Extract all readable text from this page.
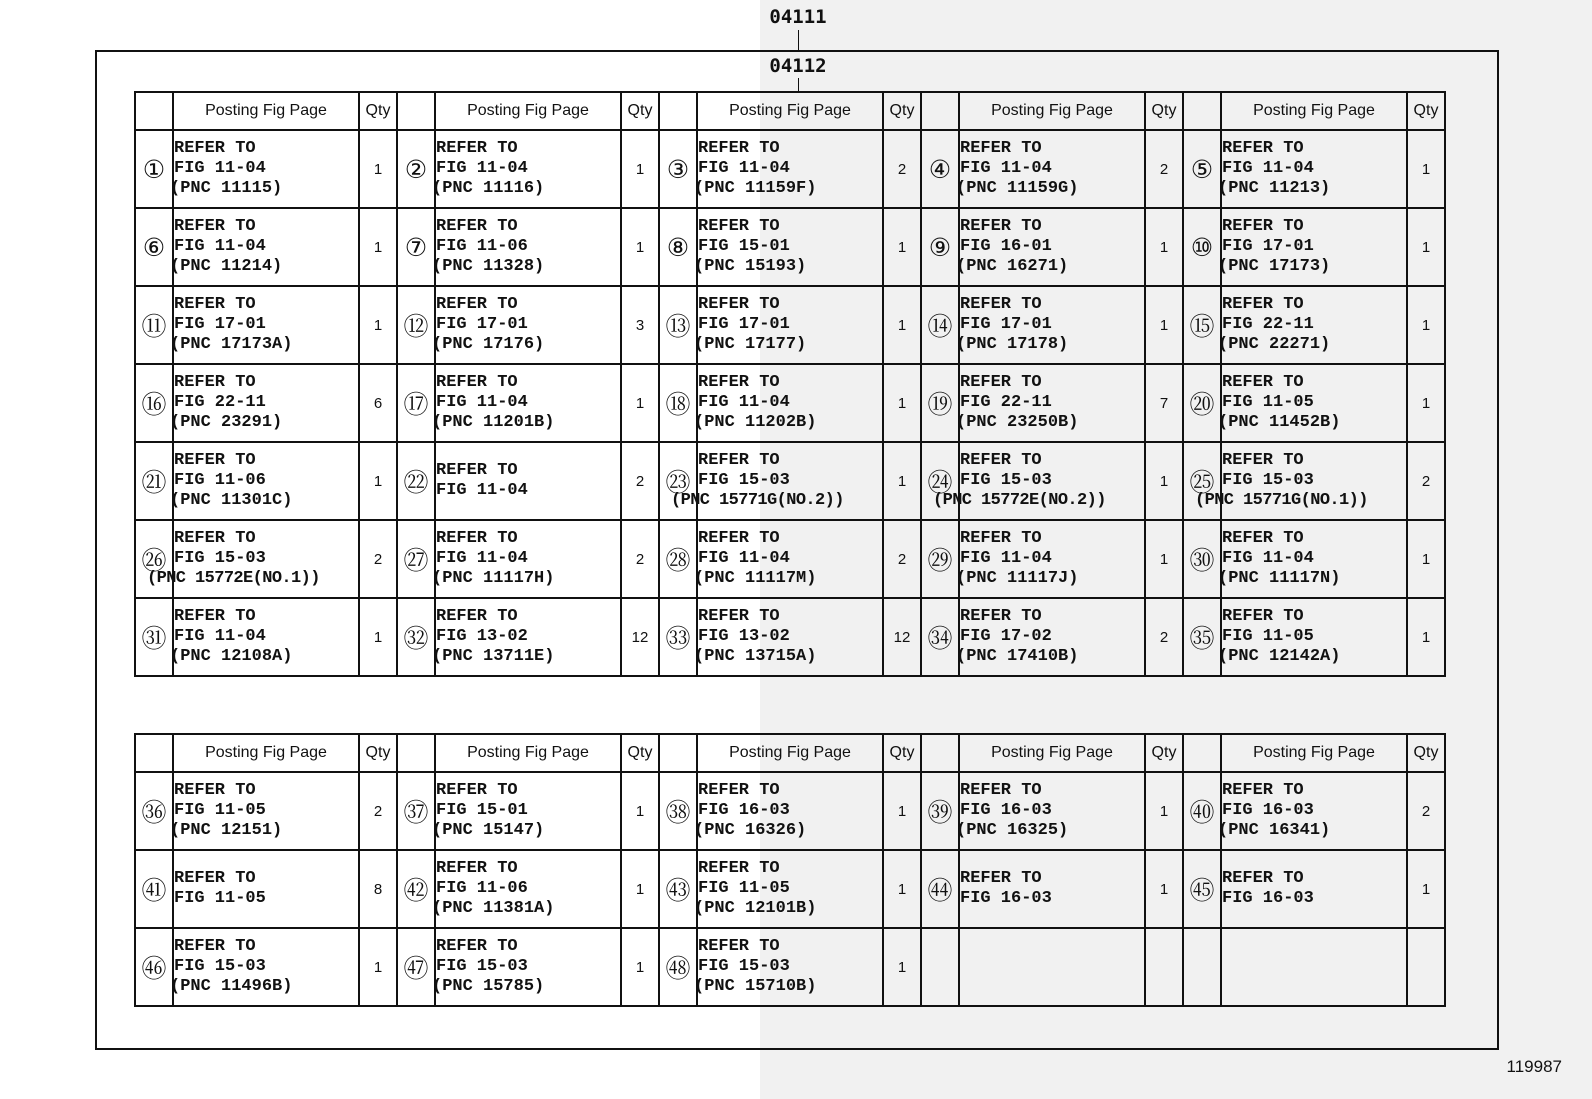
04111
04112
	Posting Fig Page	Qty		Posting Fig Page	Qty		Posting Fig Page	Qty		Posting Fig Page	Qty		Posting Fig Page	Qty
①	REFER TO
FIG 11-04
(PNC 11115)	1	②	REFER TO
FIG 11-04
(PNC 11116)	1	③	REFER TO
FIG 11-04
(PNC 11159F)	2	④	REFER TO
FIG 11-04
(PNC 11159G)	2	⑤	REFER TO
FIG 11-04
(PNC 11213)	1
⑥	REFER TO
FIG 11-04
(PNC 11214)	1	⑦	REFER TO
FIG 11-06
(PNC 11328)	1	⑧	REFER TO
FIG 15-01
(PNC 15193)	1	⑨	REFER TO
FIG 16-01
(PNC 16271)	1	⑩	REFER TO
FIG 17-01
(PNC 17173)	1
⑪	REFER TO
FIG 17-01
(PNC 17173A)	1	⑫	REFER TO
FIG 17-01
(PNC 17176)	3	⑬	REFER TO
FIG 17-01
(PNC 17177)	1	⑭	REFER TO
FIG 17-01
(PNC 17178)	1	⑮	REFER TO
FIG 22-11
(PNC 22271)	1
⑯	REFER TO
FIG 22-11
(PNC 23291)	6	⑰	REFER TO
FIG 11-04
(PNC 11201B)	1	⑱	REFER TO
FIG 11-04
(PNC 11202B)	1	⑲	REFER TO
FIG 22-11
(PNC 23250B)	7	⑳	REFER TO
FIG 11-05
(PNC 11452B)	1
㉑	REFER TO
FIG 11-06
(PNC 11301C)	1	㉒	REFER TO
FIG 11-04	2	㉓	REFER TO
FIG 15-03
(PNC 15771G(NO.2))	1	㉔	REFER TO
FIG 15-03
(PNC 15772E(NO.2))	1	㉕	REFER TO
FIG 15-03
(PNC 15771G(NO.1))	2
㉖	REFER TO
FIG 15-03
(PNC 15772E(NO.1))	2	㉗	REFER TO
FIG 11-04
(PNC 11117H)	2	㉘	REFER TO
FIG 11-04
(PNC 11117M)	2	㉙	REFER TO
FIG 11-04
(PNC 11117J)	1	㉚	REFER TO
FIG 11-04
(PNC 11117N)	1
㉛	REFER TO
FIG 11-04
(PNC 12108A)	1	㉜	REFER TO
FIG 13-02
(PNC 13711E)	12	㉝	REFER TO
FIG 13-02
(PNC 13715A)	12	㉞	REFER TO
FIG 17-02
(PNC 17410B)	2	㉟	REFER TO
FIG 11-05
(PNC 12142A)	1
	Posting Fig Page	Qty		Posting Fig Page	Qty		Posting Fig Page	Qty		Posting Fig Page	Qty		Posting Fig Page	Qty
㊱	REFER TO
FIG 11-05
(PNC 12151)	2	㊲	REFER TO
FIG 15-01
(PNC 15147)	1	㊳	REFER TO
FIG 16-03
(PNC 16326)	1	㊴	REFER TO
FIG 16-03
(PNC 16325)	1	㊵	REFER TO
FIG 16-03
(PNC 16341)	2
㊶	REFER TO
FIG 11-05	8	㊷	REFER TO
FIG 11-06
(PNC 11381A)	1	㊸	REFER TO
FIG 11-05
(PNC 12101B)	1	㊹	REFER TO
FIG 16-03	1	㊺	REFER TO
FIG 16-03	1
㊻	REFER TO
FIG 15-03
(PNC 11496B)	1	㊼	REFER TO
FIG 15-03
(PNC 15785)	1	㊽	REFER TO
FIG 15-03
(PNC 15710B)	1						
119987
